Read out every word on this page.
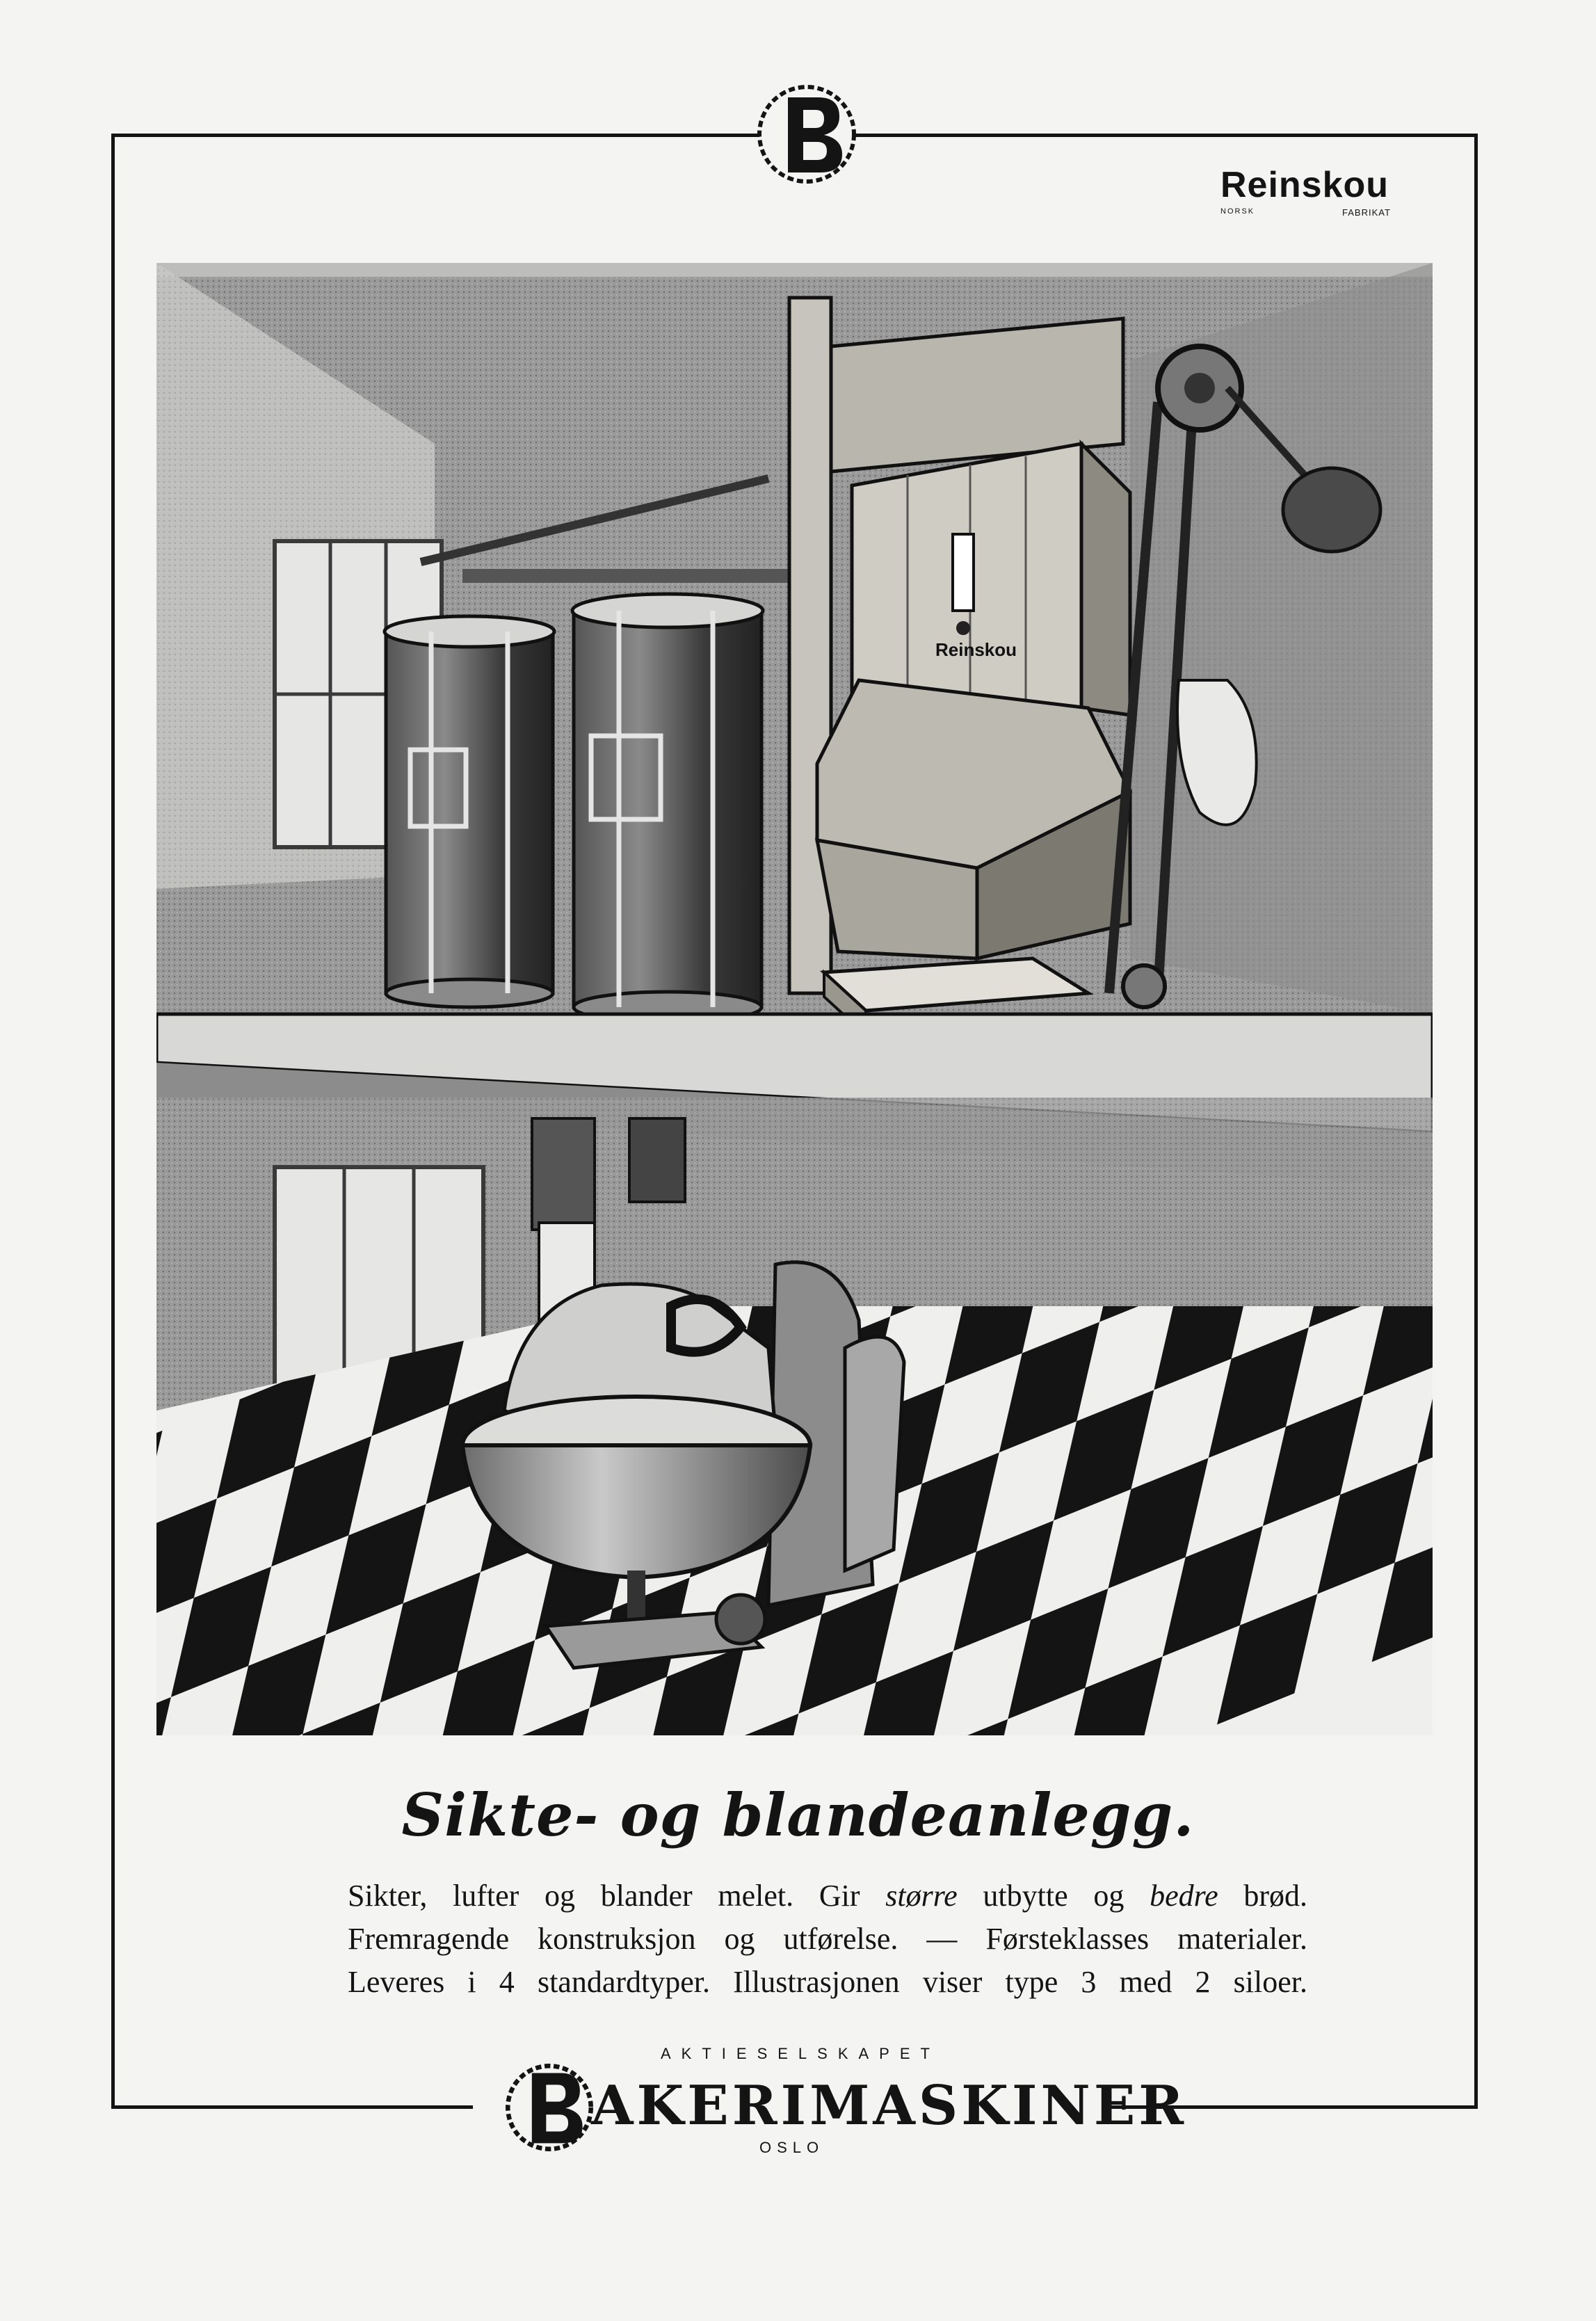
Reinskou
NORSK	FABRIKAT
Reinskou
Sikte- og blandeanlegg.

Sikter, lufter og blander melet. Gir større utbytte og bedre brød.

Fremragende konstruksjon og utførelse. — Førsteklasses materialer.

Leveres i 4 standardtyper. Illustrasjonen viser type 3 med 2 siloer.

AKTIESELSKAPET
AKERIMASKINER
OSLO
